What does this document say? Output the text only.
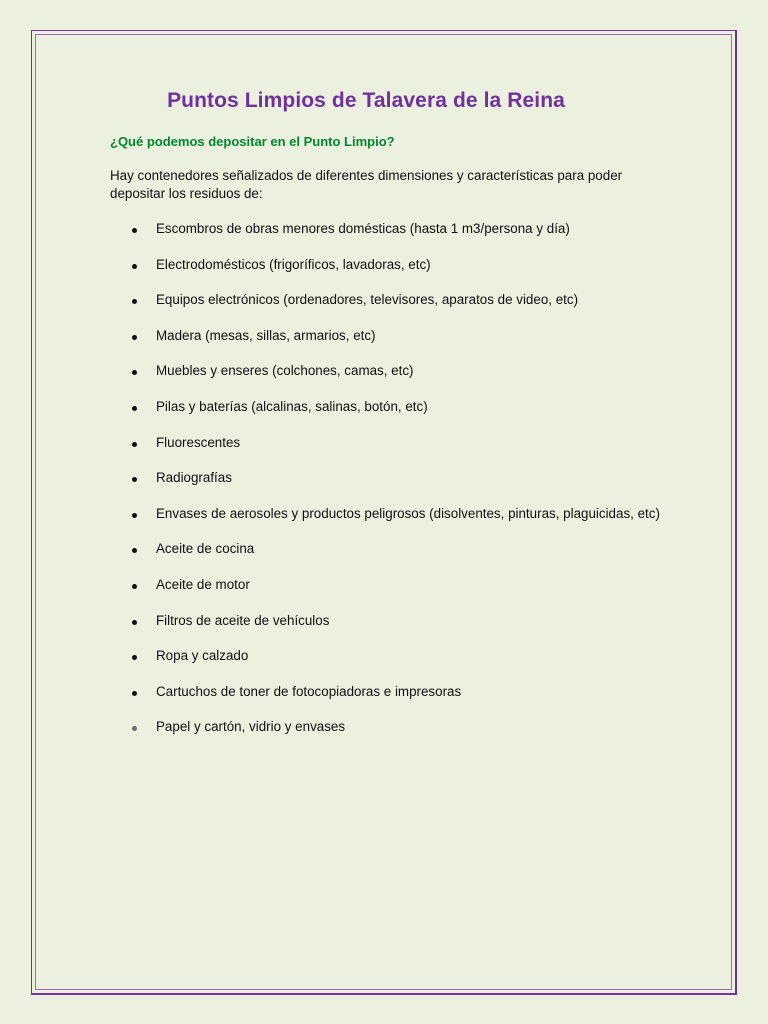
Puntos Limpios de Talavera de la Reina

¿Qué podemos depositar en el Punto Limpio?

Hay contenedores señalizados de diferentes dimensiones y características para poder depositar los residuos de:

Escombros de obras menores domésticas (hasta 1 m3/persona y día)
Electrodomésticos (frigoríficos, lavadoras, etc)
Equipos electrónicos (ordenadores, televisores, aparatos de video, etc)
Madera (mesas, sillas, armarios, etc)
Muebles y enseres (colchones, camas, etc)
Pilas y baterías (alcalinas, salinas, botón, etc)
Fluorescentes
Radiografías
Envases de aerosoles y productos peligrosos (disolventes, pinturas, plaguicidas, etc)
Aceite de cocina
Aceite de motor
Filtros de aceite de vehículos
Ropa y calzado
Cartuchos de toner de fotocopiadoras e impresoras
Papel y cartón, vidrio y envases
